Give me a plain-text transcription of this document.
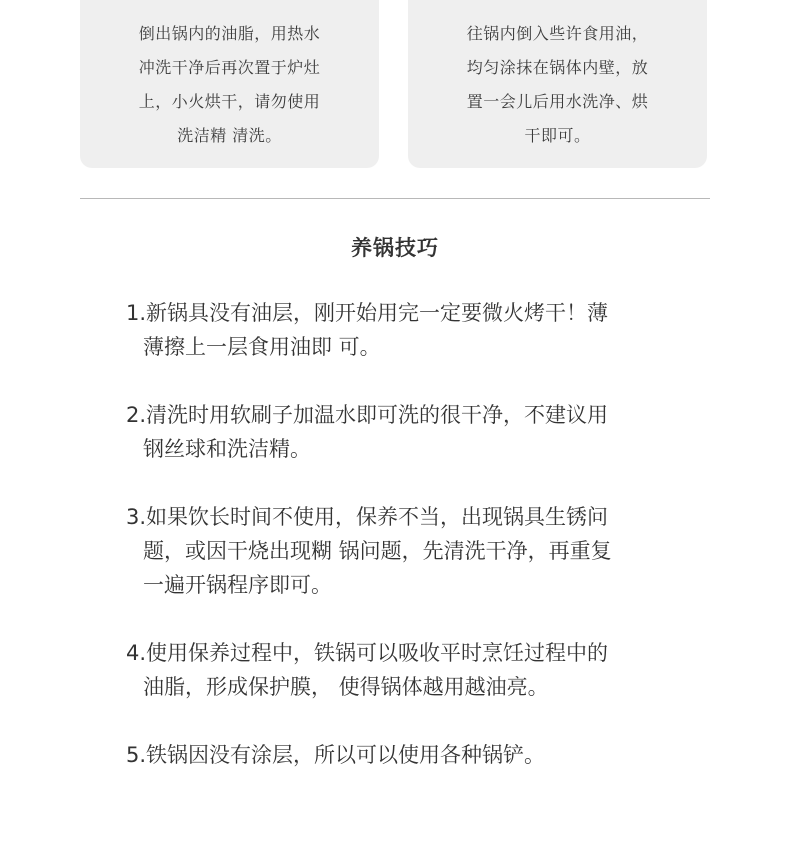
倒出锅内的油脂，用热水
冲洗干净后再次置于炉灶
上，小火烘干，请勿使用
洗洁精 清洗。
往锅内倒入些许食用油，
均匀涂抹在锅体内壁，放
置一会儿后用水洗净、烘
干即可。
养锅技巧
1.新锅具没有油层，刚开始用完一定要微火烤干！薄
薄擦上一层食用油即 可。
2.清洗时用软刷子加温水即可洗的很干净，不建议用
钢丝球和洗洁精。
3.如果饮长时间不使用，保养不当，出现锅具生锈问
题，或因干烧出现糊 锅问题，先清洗干净，再重复
一遍开锅程序即可。
4.使用保养过程中，铁锅可以吸收平时烹饪过程中的
油脂，形成保护膜， 使得锅体越用越油亮。
5.铁锅因没有涂层，所以可以使用各种锅铲。
